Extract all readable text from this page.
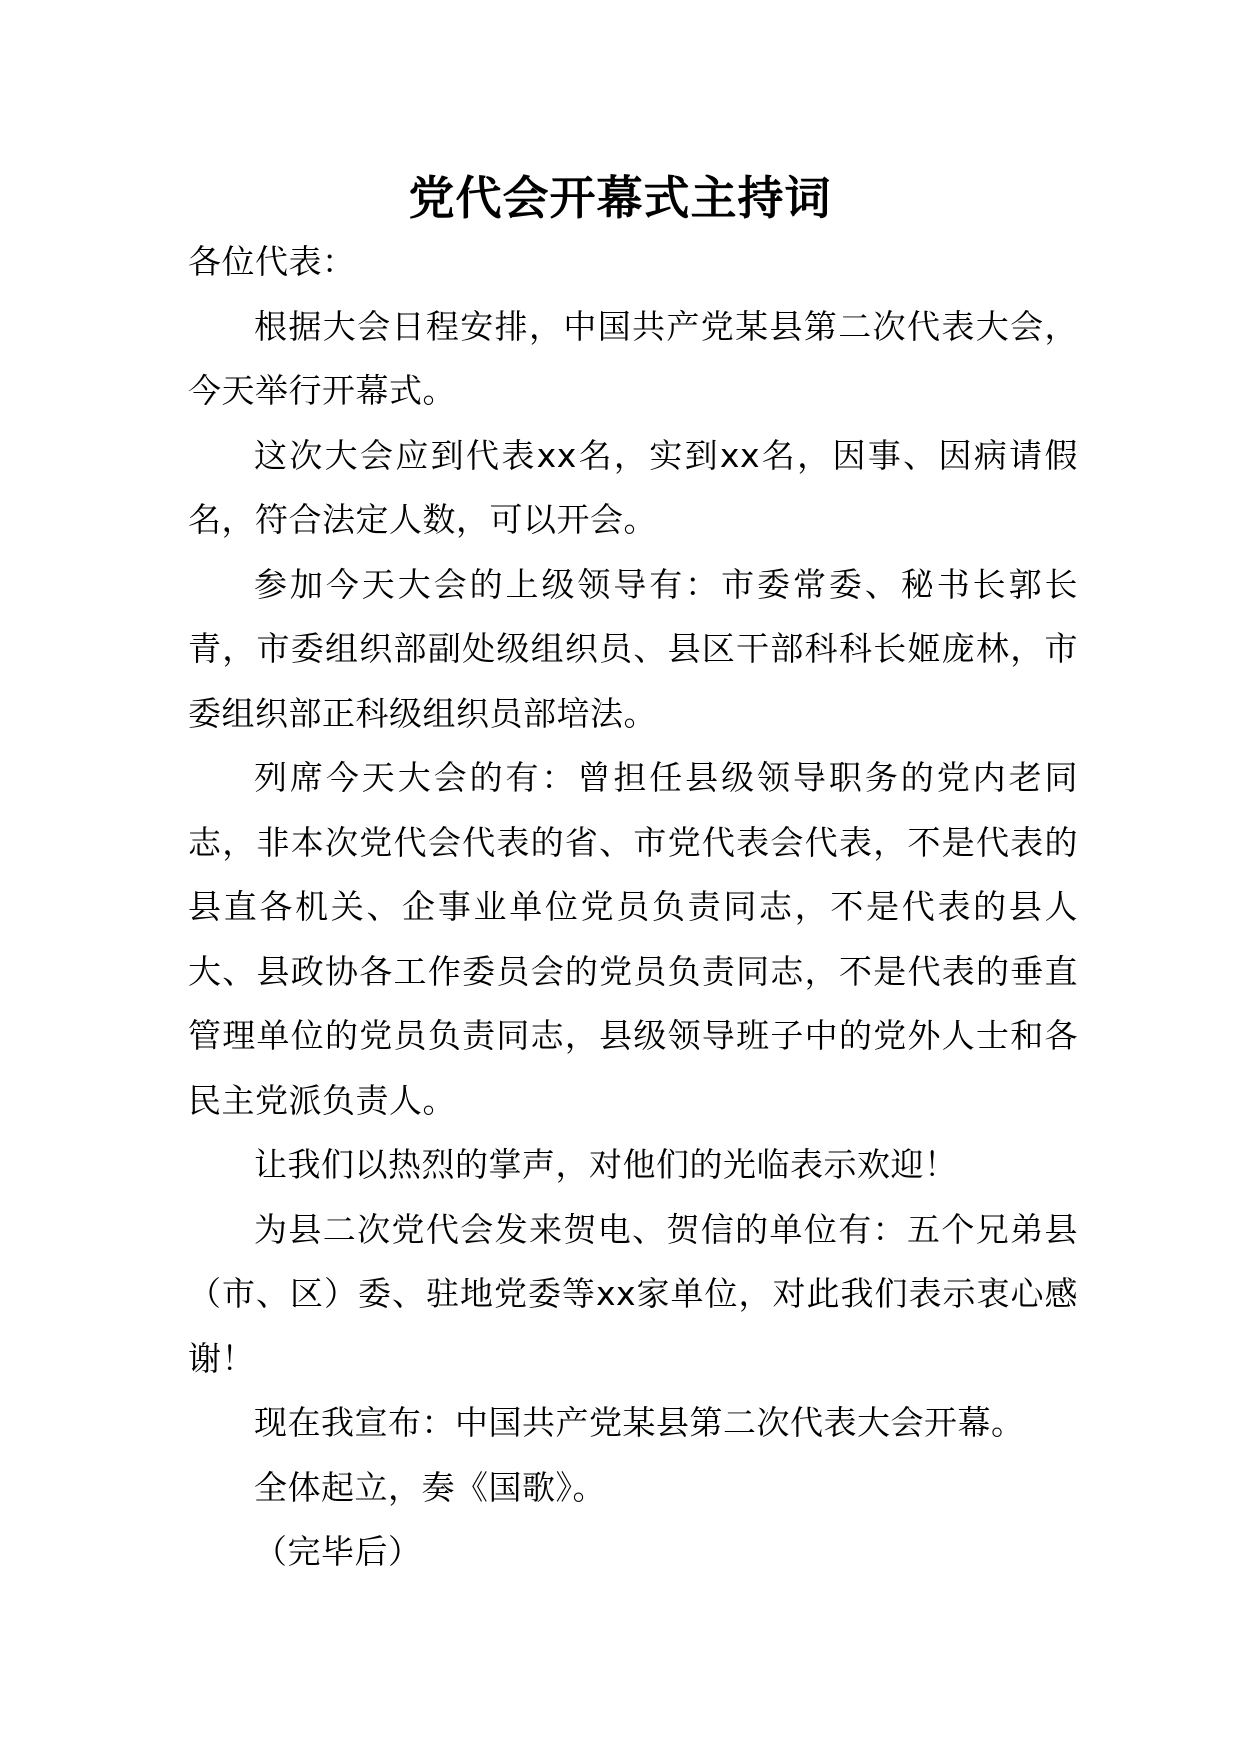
党代会开幕式主持词

各位代表：

根据大会日程安排，中国共产党某县第二次代表大会，今天举行开幕式。

这次大会应到代表xx名，实到xx名，因事、因病请假名，符合法定人数，可以开会。

参加今天大会的上级领导有：市委常委、秘书长郭长青，市委组织部副处级组织员、县区干部科科长姬庞林，市委组织部正科级组织员部培法。

列席今天大会的有：曾担任县级领导职务的党内老同志，非本次党代会代表的省、市党代表会代表，不是代表的县直各机关、企事业单位党员负责同志，不是代表的县人大、县政协各工作委员会的党员负责同志，不是代表的垂直管理单位的党员负责同志，县级领导班子中的党外人士和各民主党派负责人。

让我们以热烈的掌声，对他们的光临表示欢迎！

为县二次党代会发来贺电、贺信的单位有：五个兄弟县（市、区）委、驻地党委等xx家单位，对此我们表示衷心感谢！

现在我宣布：中国共产党某县第二次代表大会开幕。

全体起立，奏《国歌》。

（完毕后）
